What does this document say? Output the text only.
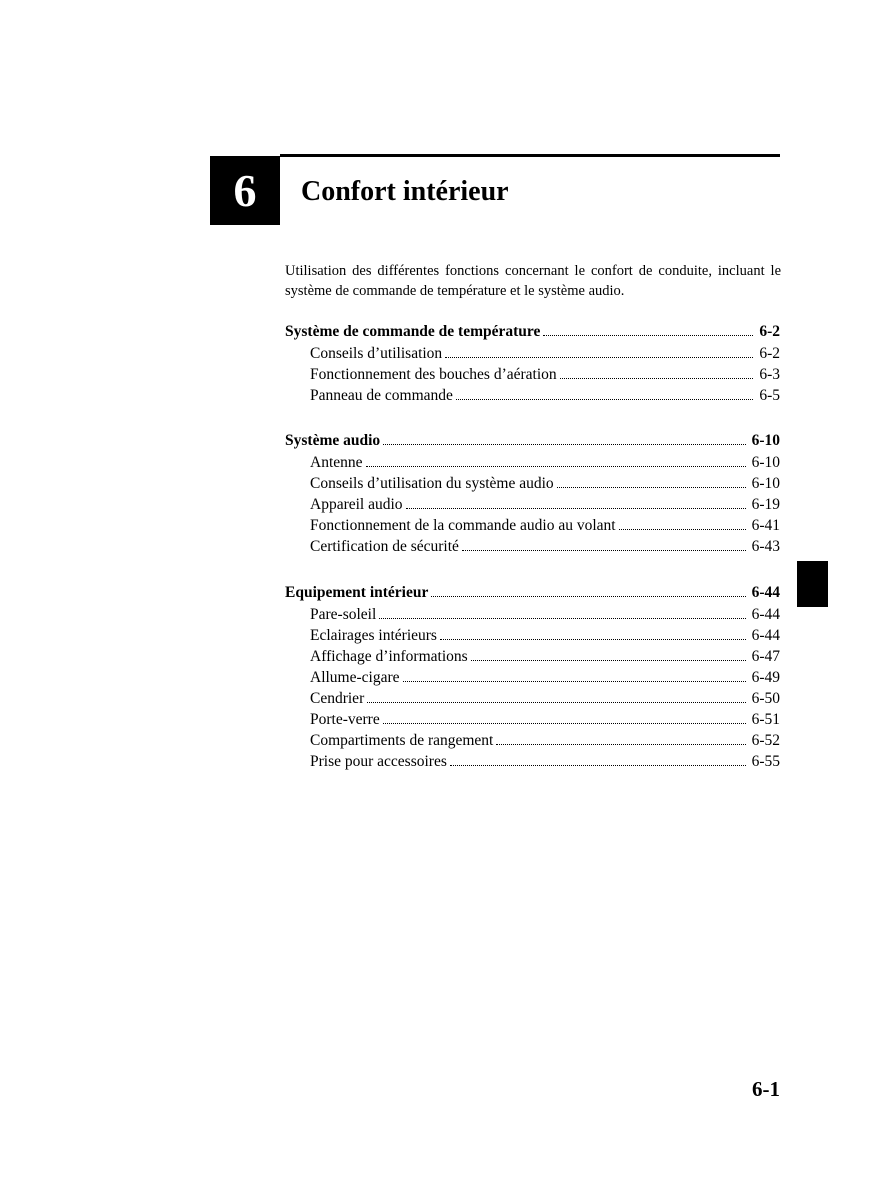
6 Confort intérieur

Utilisation des différentes fonctions concernant le confort de conduite, incluant le système de commande de température et le système audio.

Système de commande de température	6-2
Conseils d’utilisation	6-2
Fonctionnement des bouches d’aération	6-3
Panneau de commande	6-5
Système audio	6-10
Antenne	6-10
Conseils d’utilisation du système audio	6-10
Appareil audio	6-19
Fonctionnement de la commande audio au volant	6-41
Certification de sécurité	6-43
Equipement intérieur	6-44
Pare-soleil	6-44
Eclairages intérieurs	6-44
Affichage d’informations	6-47
Allume-cigare	6-49
Cendrier	6-50
Porte-verre	6-51
Compartiments de rangement	6-52
Prise pour accessoires	6-55
6-1
